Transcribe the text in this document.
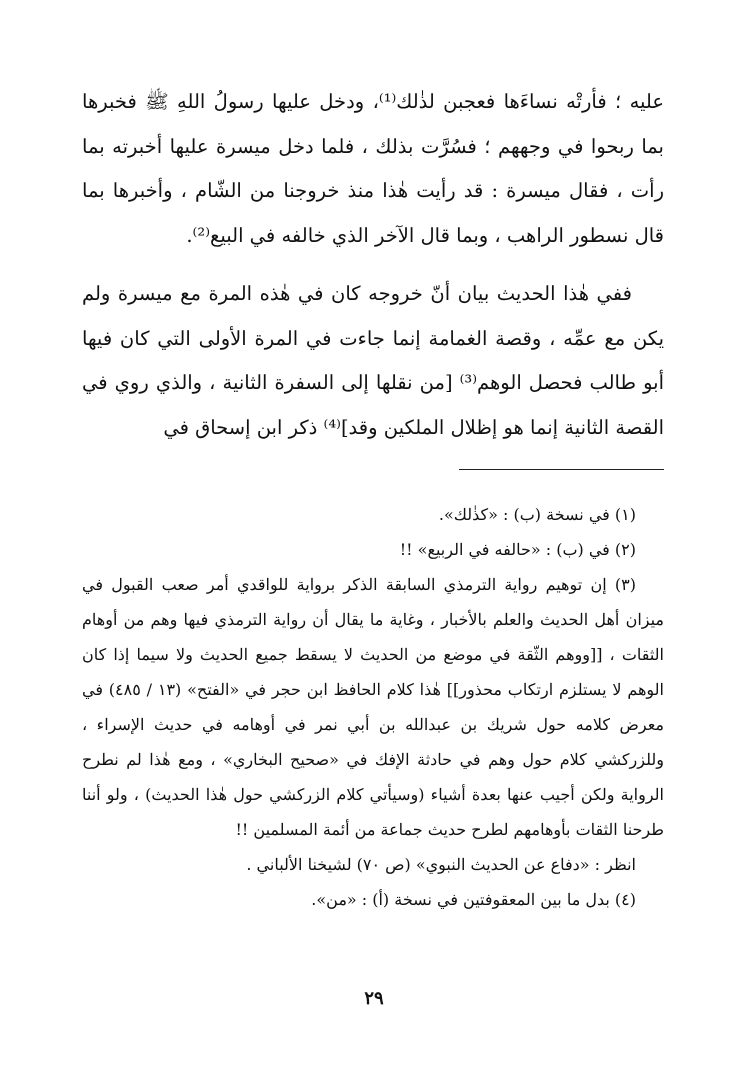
عليه ؛ فأرتْه نساءَها فعجبن لذٰلك⁽¹⁾، ودخل عليها رسولُ اللهِ ﷺ فخبرها بما ربحوا في وجههم ؛ فسُرَّت بذلك ، فلما دخل ميسرة عليها أخبرته بما رأت ، فقال ميسرة : قد رأيت هٰذا منذ خروجنا من الشّام ، وأخبرها بما قال نسطور الراهب ، وبما قال الآخر الذي خالفه في البيع⁽²⁾.

ففي هٰذا الحديث بيان أنّ خروجه كان في هٰذه المرة مع ميسرة ولم يكن مع عمِّه ، وقصة الغمامة إنما جاءت في المرة الأولى التي كان فيها أبو طالب فحصل الوهم⁽³⁾ [من نقلها إلى السفرة الثانية ، والذي روي في القصة الثانية إنما هو إظلال الملكين وقد]⁽⁴⁾ ذكر ابن إسحاق في

(١) في نسخة (ب) : «كذٰلك».

(٢) في (ب) : «حالفه في الربيع» !!

(٣) إن توهيم رواية الترمذي السابقة الذكر برواية للواقدي أمر صعب القبول في ميزان أهل الحديث والعلم بالأخبار ، وغاية ما يقال أن رواية الترمذي فيها وهم من أوهام الثقات ، [[ووهم الثّقة في موضع من الحديث لا يسقط جميع الحديث ولا سيما إذا كان الوهم لا يستلزم ارتكاب محذور]] هٰذا كلام الحافظ ابن حجر في «الفتح» (١٣ / ٤٨٥) في معرض كلامه حول شريك بن عبدالله بن أبي نمر في أوهامه في حديث الإسراء ، وللزركشي كلام حول وهم في حادثة الإفك في «صحيح البخاري» ، ومع هٰذا لم نطرح الرواية ولكن أجيب عنها بعدة أشياء (وسيأتي كلام الزركشي حول هٰذا الحديث) ، ولو أننا طرحنا الثقات بأوهامهم لطرح حديث جماعة من أئمة المسلمين !!

انظر : «دفاع عن الحديث النبوي» (ص ٧٠) لشيخنا الألباني .

(٤) بدل ما بين المعقوفتين في نسخة (أ) : «من».

٢٩
